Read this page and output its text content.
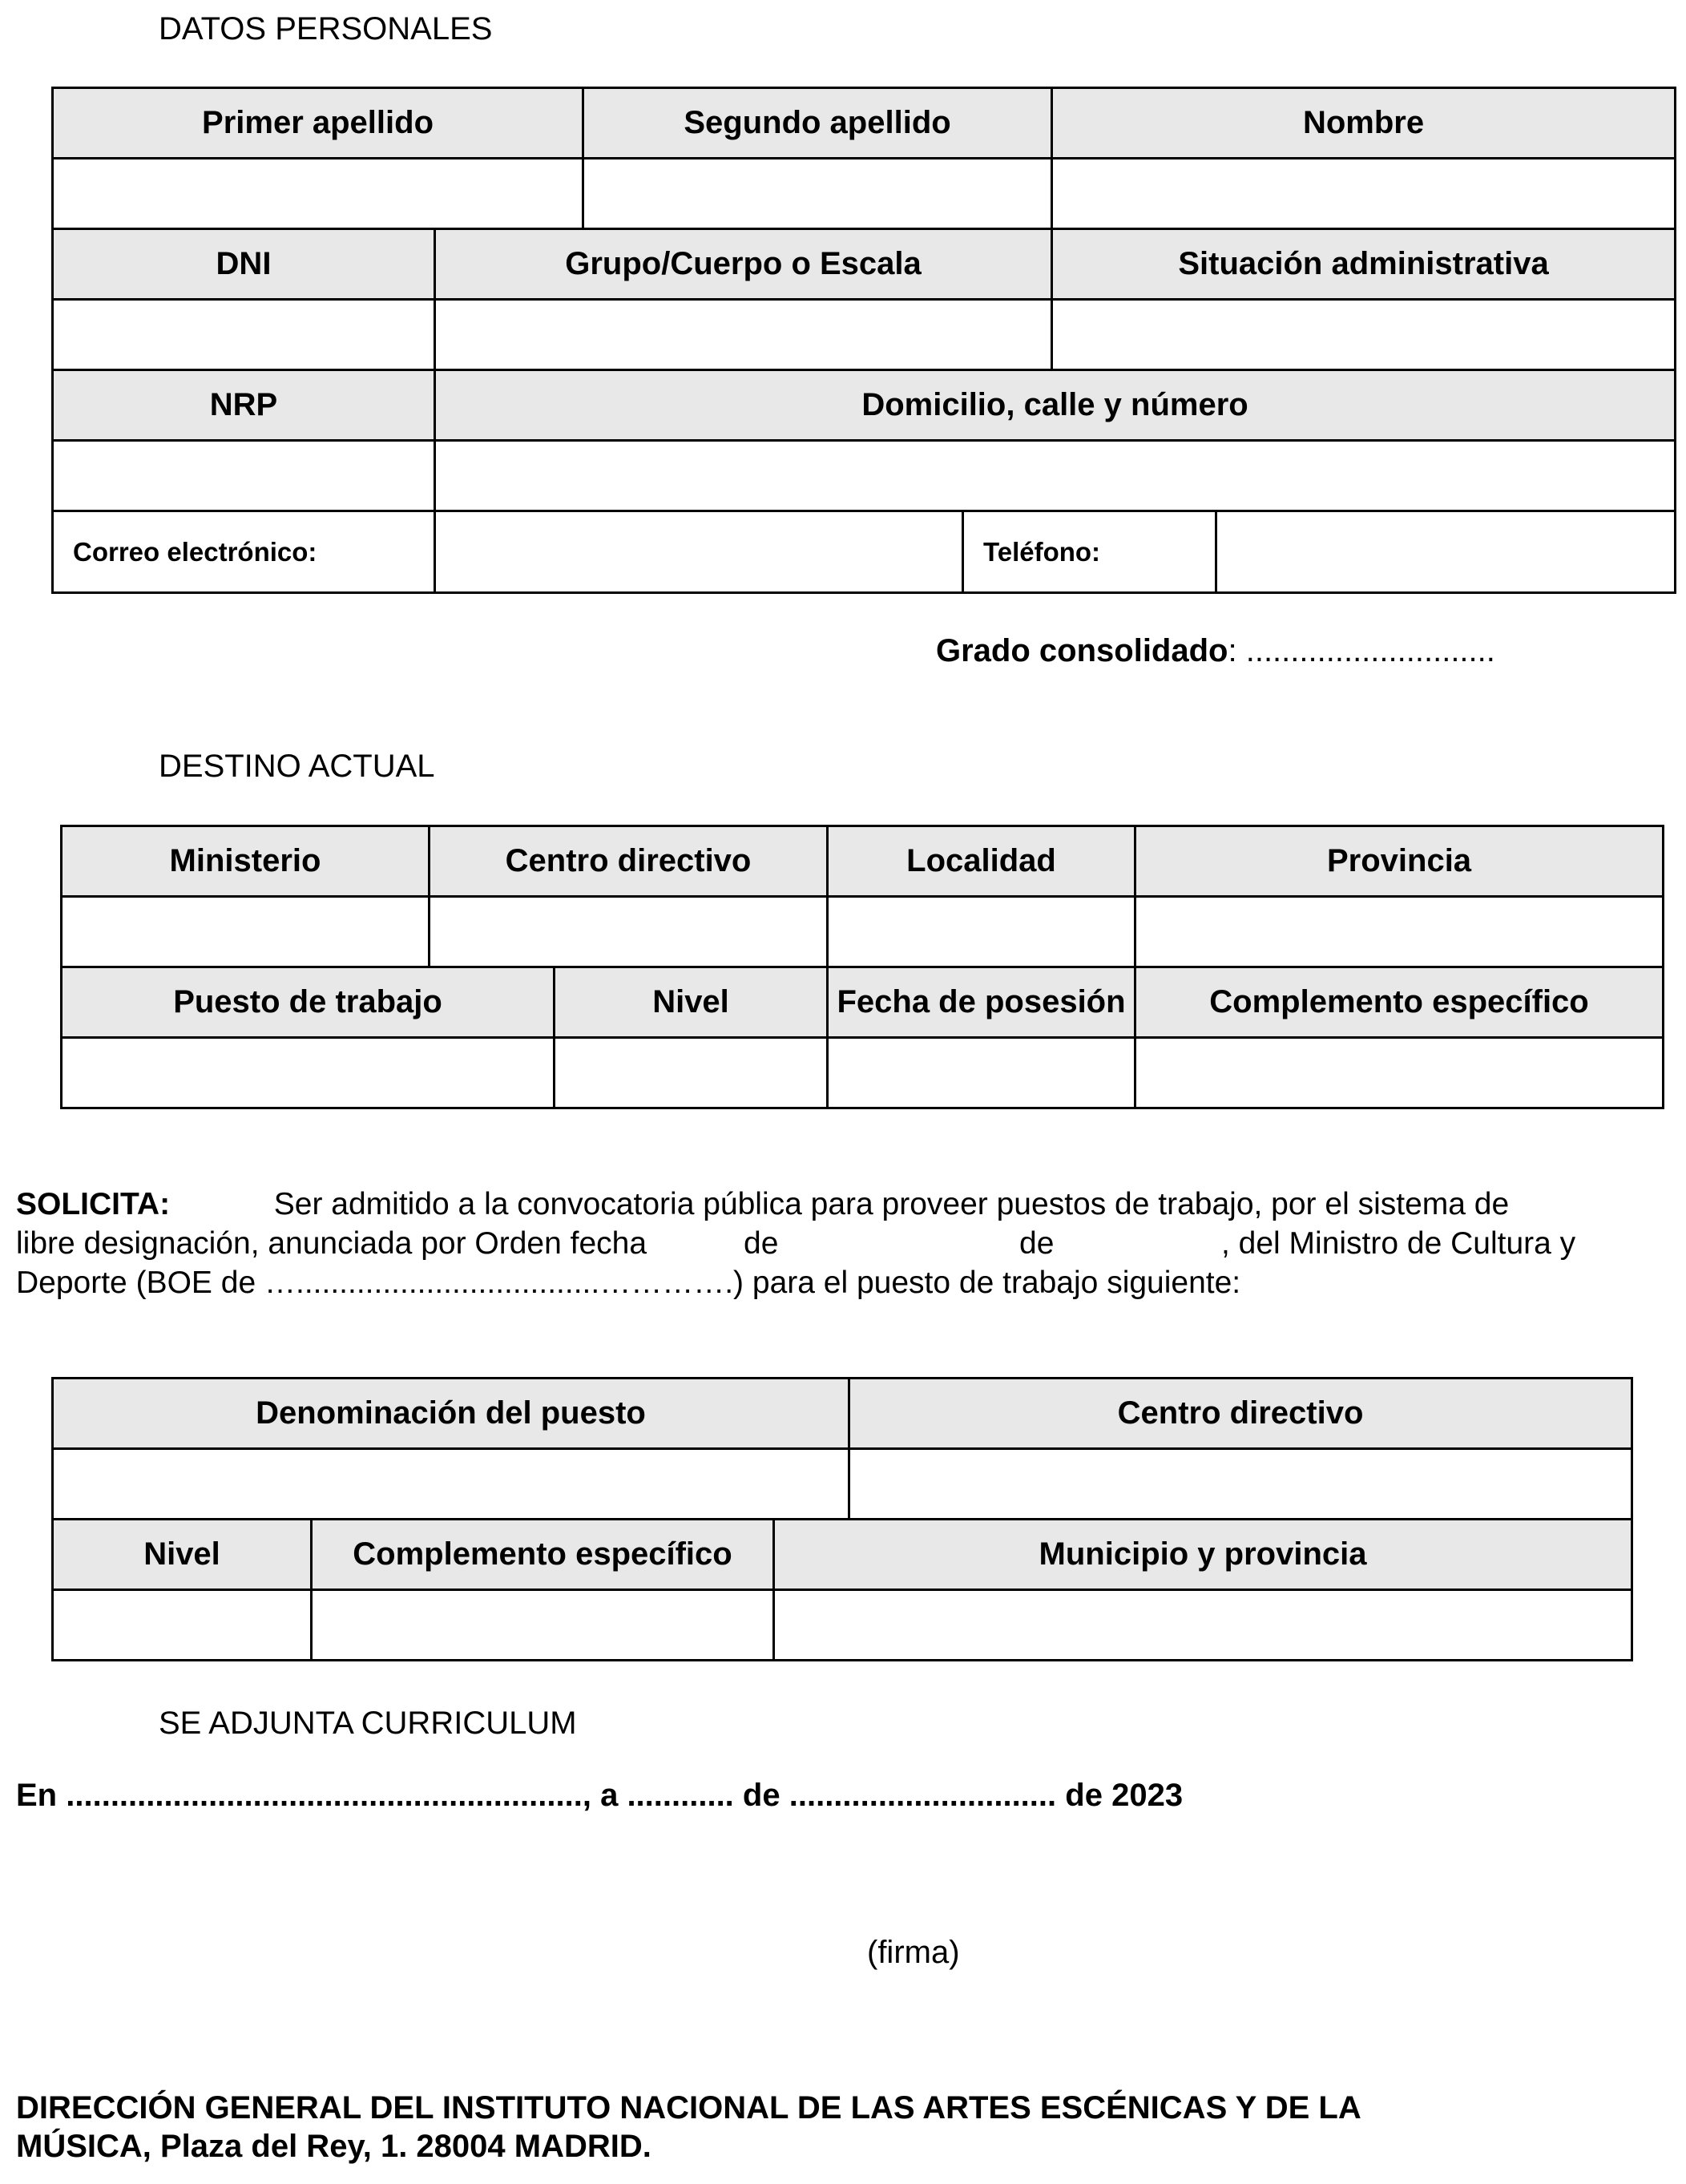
DATOS PERSONALES
Primer apellido		Segundo apellido		Nombre	

DNI	Grupo/Cuerpo o Escala			Situación administrativa	

NRP	Domicilio, calle y número				

Correo electrónico:			Teléfono:		
Grado consolidado: ............................
DESTINO ACTUAL
Ministerio	Centro directivo		Localidad	Provincia

Puesto de trabajo		Nivel	Fecha de posesión	Complemento específico

SOLICITA:	Ser admitido a la convocatoria pública para proveer puestos de trabajo, por el sistema de
libre designación, anunciada por Orden fecha	de	de	, del Ministro de Cultura y
Deporte (BOE de …...................................………….) para el puesto de trabajo siguiente:
Denominación del puesto			Centro directivo

Nivel	Complemento específico	Municipio y provincia	

SE ADJUNTA CURRICULUM
En .........................................................., a ............ de .............................. de 2023
(firma)
DIRECCIÓN GENERAL DEL INSTITUTO NACIONAL DE LAS ARTES ESCÉNICAS Y DE LA
MÚSICA, Plaza del Rey, 1. 28004 MADRID.
